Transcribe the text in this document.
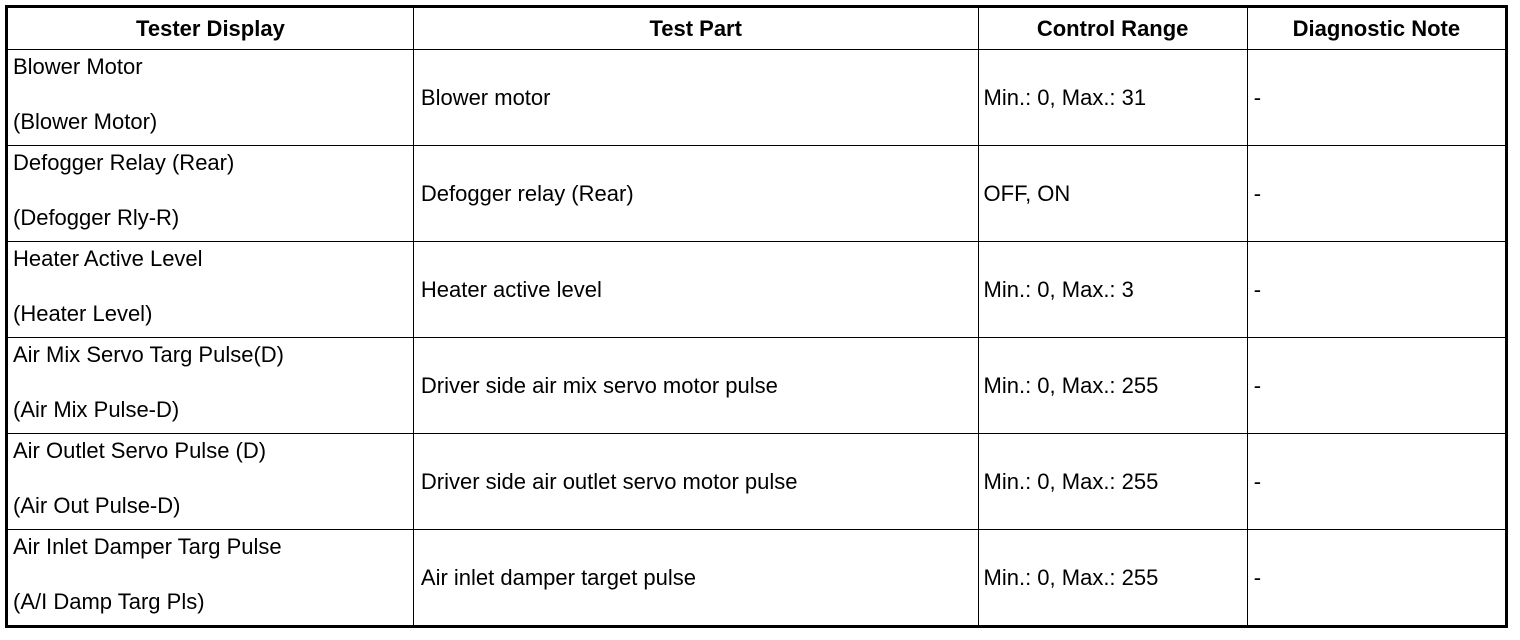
Tester Display	Test Part	Control Range	Diagnostic Note

Blower Motor
(Blower Motor)	Blower motor	Min.: 0, Max.: 31	-

Defogger Relay (Rear)
(Defogger Rly-R)	Defogger relay (Rear)	OFF, ON	-

Heater Active Level
(Heater Level)	Heater active level	Min.: 0, Max.: 3	-

Air Mix Servo Targ Pulse(D)
(Air Mix Pulse-D)	Driver side air mix servo motor pulse	Min.: 0, Max.: 255	-

Air Outlet Servo Pulse (D)
(Air Out Pulse-D)	Driver side air outlet servo motor pulse	Min.: 0, Max.: 255	-

Air Inlet Damper Targ Pulse
(A/I Damp Targ Pls)	Air inlet damper target pulse	Min.: 0, Max.: 255	-
